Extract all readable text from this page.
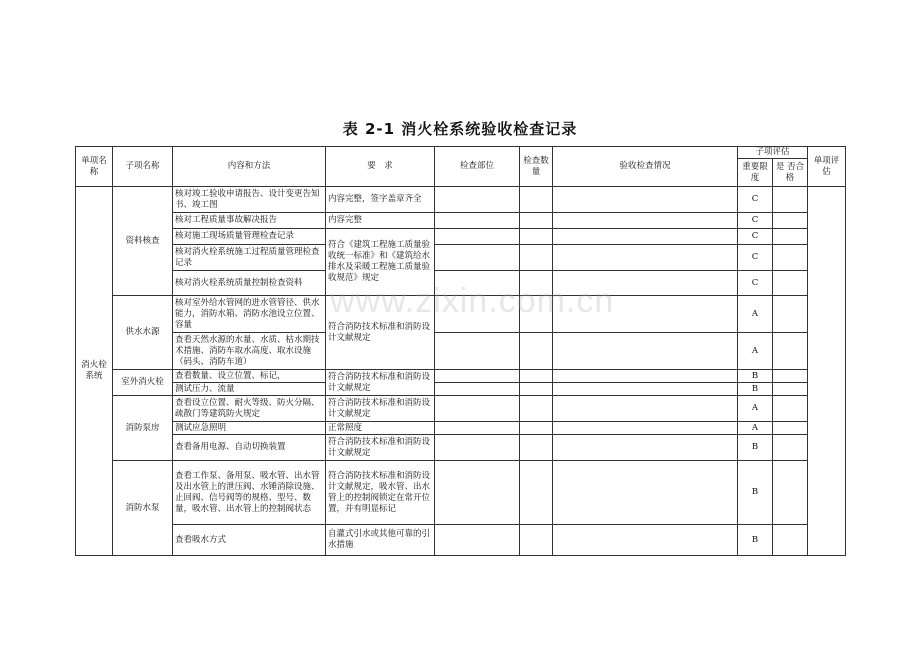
表 2-1 消火栓系统验收检查记录
单项名称	子项名称	内容和方法	要　求	检查部位	检查数量	验收检查情况	子项评估		单项评估
							重要限度	是 否合 格	
消火栓系统	资料核查	核对竣工验收申请报告、设计变更告知书、竣工图	内容完整，签字盖章齐全				C		
		核对工程质量事故解决报告	内容完整				C		
		核对施工现场质量管理检查记录	符合《建筑工程施工质量验收统一标准》和《建筑给水排水及采暖工程施工质量验收规范》规定				C		
		核对消火栓系统施工过程质量管理检查记录					C		
		核对消火栓系统质量控制检查资料					C		
	供水水源	核对室外给水管网的进水管管径、供水能力，消防水箱、消防水池设立位置、容量	符合消防技术标准和消防设计文献规定				A		
		查看天然水源的水量、水质、枯水期技术措施、消防车取水高度、取水设施（码头、消防车道）					A		
	室外消火栓	查看数量、设立位置、标记，	符合消防技术标准和消防设计文献规定				B		
		测试压力、流量					B		
	消防泵房	查看设立位置、耐火等级、防火分隔、疏散门等建筑防火规定	符合消防技术标准和消防设计文献规定				A		
		测试应急照明	正常照度				A		
		查看备用电源、自动切换装置	符合消防技术标准和消防设计文献规定				B		
	消防水泵	查看工作泵、备用泵、吸水管、出水管及出水管上的泄压阀、水锤消除设施、止回阀、信号阀等的规格、型号、数量，吸水管、出水管上的控制阀状态	符合消防技术标准和消防设计文献规定，吸水管、出水管上的控制阀锁定在常开位置，并有明显标记				B		
		查看吸水方式	自灌式引水或其他可靠的引水措施				B		
www.zixin.com.cn
